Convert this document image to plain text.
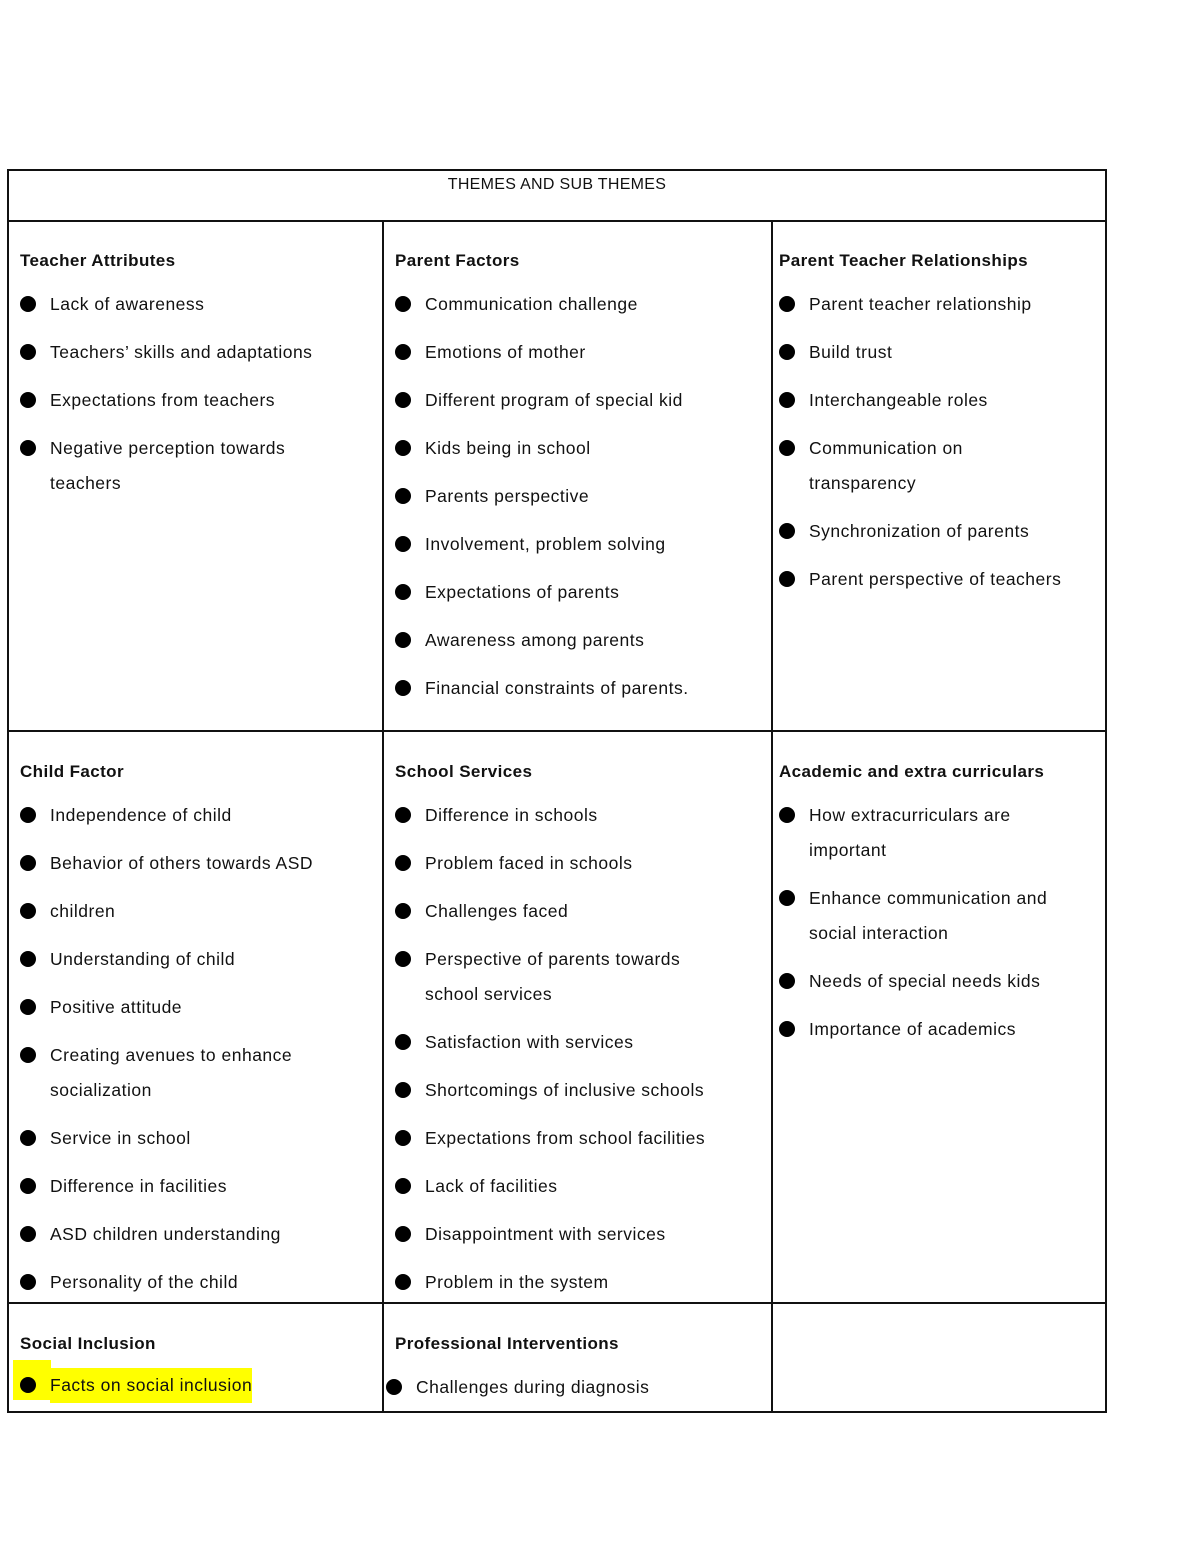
THEMES AND SUB THEMES
Teacher Attributes
Lack of awareness
Teachers’ skills and adaptations
Expectations from teachers
Negative perception towards
teachers
Parent Factors
Communication challenge
Emotions of mother
Different program of special kid
Kids being in school
Parents perspective
Involvement, problem solving
Expectations of parents
Awareness among parents
Financial constraints of parents.
Parent Teacher Relationships
Parent teacher relationship
Build trust
Interchangeable roles
Communication on
transparency
Synchronization of parents
Parent perspective of teachers
Child Factor
Independence of child
Behavior of others towards ASD
children
Understanding of child
Positive attitude
Creating avenues to enhance
socialization
Service in school
Difference in facilities
ASD children understanding
Personality of the child
School Services
Difference in schools
Problem faced in schools
Challenges faced
Perspective of parents towards
school services
Satisfaction with services
Shortcomings of inclusive schools
Expectations from school facilities
Lack of facilities
Disappointment with services
Problem in the system
Academic and extra curriculars
How extracurriculars are
important
Enhance communication and
social interaction
Needs of special needs kids
Importance of academics
Social Inclusion
Facts on social inclusion
Professional Interventions
Challenges during diagnosis
